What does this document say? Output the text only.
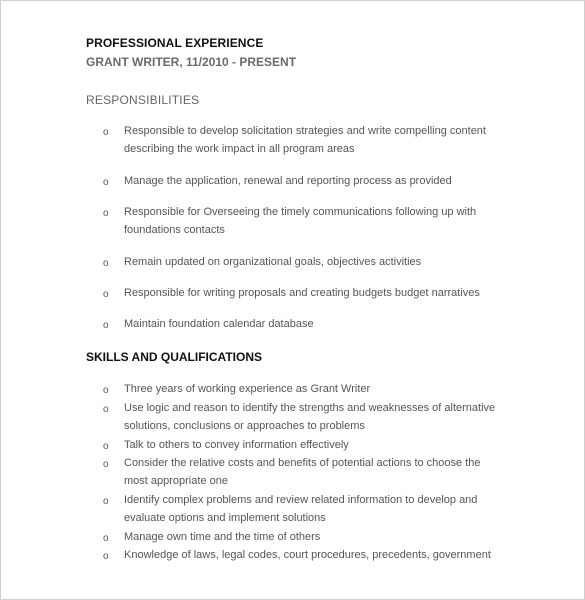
PROFESSIONAL EXPERIENCE
GRANT WRITER, 11/2010 - PRESENT
RESPONSIBILITIES
o Responsible to develop solicitation strategies and write compelling content
describing the work impact in all program areas
o Manage the application, renewal and reporting process as provided
o Responsible for Overseeing the timely communications following up with
foundations contacts
o Remain updated on organizational goals, objectives activities
o Responsible for writing proposals and creating budgets budget narratives
o Maintain foundation calendar database
SKILLS AND QUALIFICATIONS
o Three years of working experience as Grant Writer
o Use logic and reason to identify the strengths and weaknesses of alternative
solutions, conclusions or approaches to problems
o Talk to others to convey information effectively
o Consider the relative costs and benefits of potential actions to choose the
most appropriate one
o Identify complex problems and review related information to develop and
evaluate options and implement solutions
o Manage own time and the time of others
o Knowledge of laws, legal codes, court procedures, precedents, government
